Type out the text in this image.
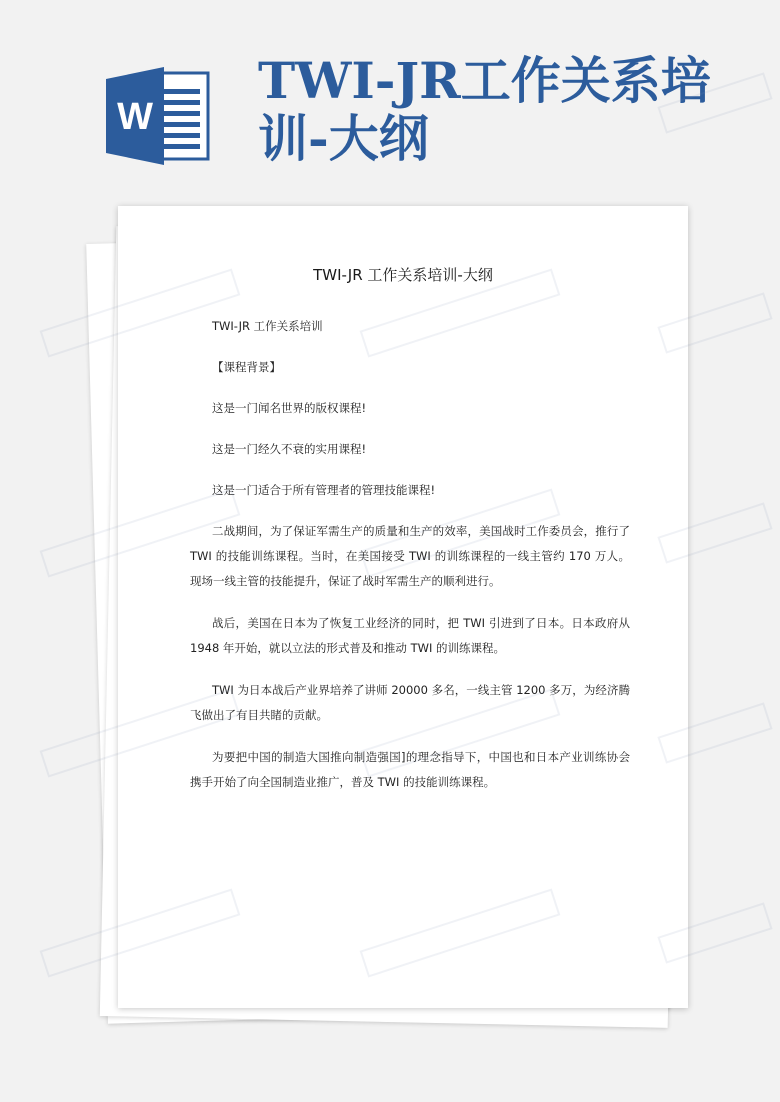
W
TWI-JR工作关系培训-大纲
TWI-JR 工作关系培训-大纲

TWI-JR 工作关系培训

【课程背景】

这是一门闻名世界的版权课程!

这是一门经久不衰的实用课程!

这是一门适合于所有管理者的管理技能课程!

二战期间，为了保证军需生产的质量和生产的效率，美国战时工作委员会，推行了 TWI 的技能训练课程。当时，在美国接受 TWI 的训练课程的一线主管约 170 万人。现场一线主管的技能提升，保证了战时军需生产的顺利进行。

战后，美国在日本为了恢复工业经济的同时，把 TWI 引进到了日本。日本政府从 1948 年开始，就以立法的形式普及和推动 TWI 的训练课程。

TWI 为日本战后产业界培养了讲师 20000 多名，一线主管 1200 多万，为经济腾飞做出了有目共睹的贡献。

为要把中国的制造大国推向制造强国]的理念指导下，中国也和日本产业训练协会携手开始了向全国制造业推广，普及 TWI 的技能训练课程。
